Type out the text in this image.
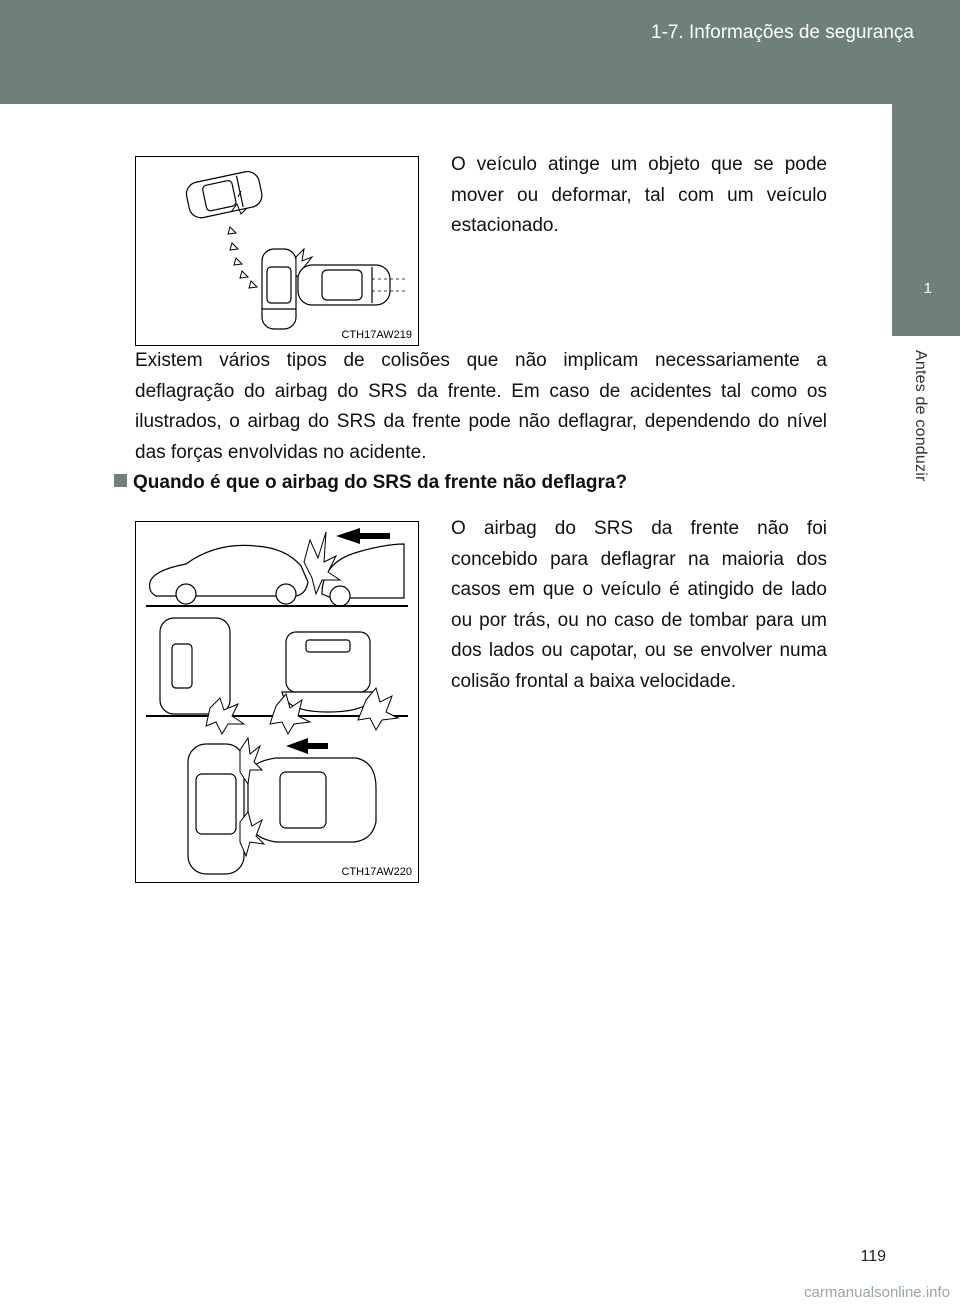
1-7. Informações de segurança
1
Antes de conduzir
CTH17AW219
O veículo atinge um objeto que se pode mover ou deformar, tal com um veículo estacionado.
Existem vários tipos de colisões que não implicam necessariamente a deflagração do airbag do SRS da frente. Em caso de acidentes tal como os ilustrados, o airbag do SRS da frente pode não deflagrar, dependendo do nível das forças envolvidas no acidente.
Quando é que o airbag do SRS da frente não deflagra?
CTH17AW220
O airbag do SRS da frente não foi concebido para deflagrar na maioria dos casos em que o veículo é atingido de lado ou por trás, ou no caso de tombar para um dos lados ou capotar, ou se envolver numa colisão frontal a baixa velocidade.
119
carmanualsonline.info
